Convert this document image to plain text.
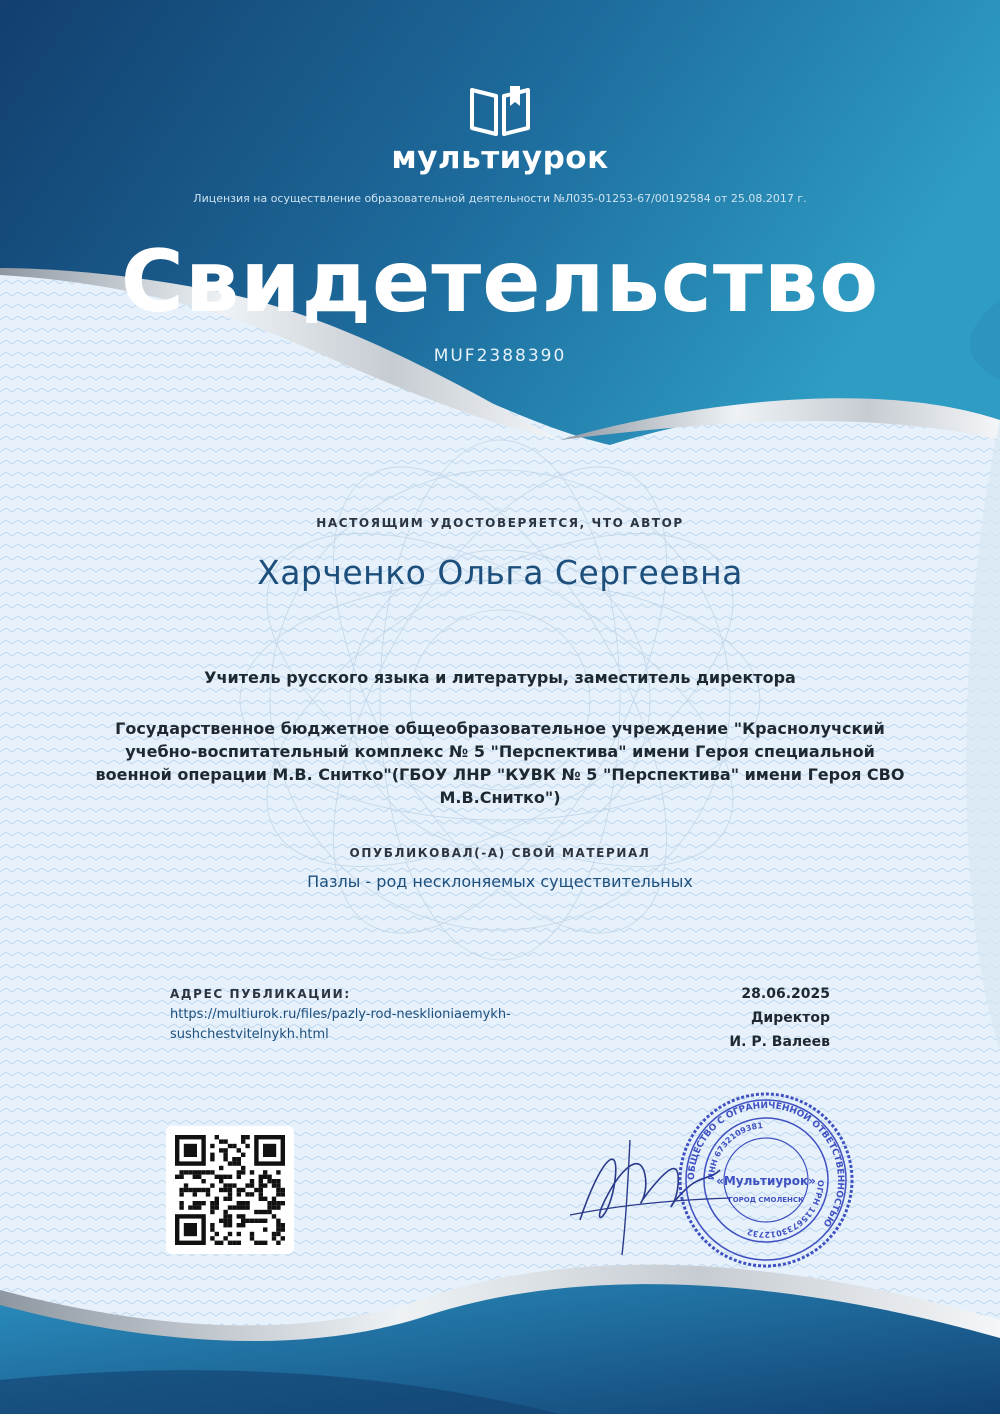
мультиурок
Лицензия на осуществление образовательной деятельности №Л035-01253-67/00192584 от 25.08.2017 г.
Свидетельство
MUF2388390
НАСТОЯЩИМ УДОСТОВЕРЯЕТСЯ, ЧТО АВТОР
Харченко Ольга Сергеевна
Учитель русского языка и литературы, заместитель директора
Государственное бюджетное общеобразовательное учреждение "Краснолучский учебно-воспитательный комплекс № 5 "Перспектива" имени Героя специальной военной операции М.В. Снитко"(ГБОУ ЛНР "КУВК № 5 "Перспектива" имени Героя СВО М.В.Снитко")
ОПУБЛИКОВАЛ(-А) СВОЙ МАТЕРИАЛ
Пазлы - род несклоняемых существительных
АДРЕС ПУБЛИКАЦИИ:
https://multiurok.ru/files/pazly-rod-nesklioniaemykh-sushchestvitelnykh.html
28.06.2025
Директор
И. Р. Валеев
ОБЩЕСТВО С ОГРАНИЧЕННОЙ ОТВЕТСТВЕННОСТЬЮ
ИНН 6732109381
ОГРН 1156733012732
«Мультиурок»
ГОРОД СМОЛЕНСК
